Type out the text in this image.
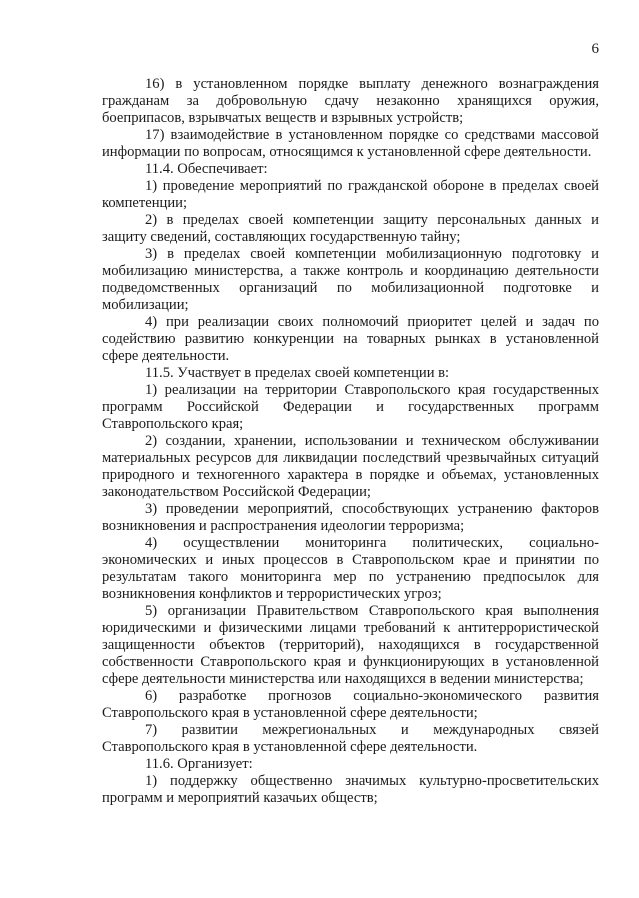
6

16) в установленном порядке выплату денежного вознаграждения гражданам за добровольную сдачу незаконно хранящихся оружия, боеприпасов, взрывчатых веществ и взрывных устройств;

17) взаимодействие в установленном порядке со средствами массовой информации по вопросам, относящимся к установленной сфере деятельности.

11.4. Обеспечивает:

1) проведение мероприятий по гражданской обороне в пределах своей компетенции;

2) в пределах своей компетенции защиту персональных данных и защиту сведений, составляющих государственную тайну;

3) в пределах своей компетенции мобилизационную подготовку и мобилизацию министерства, а также контроль и координацию деятельности подведомственных организаций по мобилизационной подготовке и мобилизации;

4) при реализации своих полномочий приоритет целей и задач по содействию развитию конкуренции на товарных рынках в установленной сфере деятельности.

11.5. Участвует в пределах своей компетенции в:

1) реализации на территории Ставропольского края государственных программ Российской Федерации и государственных программ Ставропольского края;

2) создании, хранении, использовании и техническом обслуживании материальных ресурсов для ликвидации последствий чрезвычайных ситуаций природного и техногенного характера в порядке и объемах, установленных законодательством Российской Федерации;

3) проведении мероприятий, способствующих устранению факторов возникновения и распространения идеологии терроризма;

4) осуществлении мониторинга политических, социально-экономических и иных процессов в Ставропольском крае и принятии по результатам такого мониторинга мер по устранению предпосылок для возникновения конфликтов и террористических угроз;

5) организации Правительством Ставропольского края выполнения юридическими и физическими лицами требований к антитеррористической защищенности объектов (территорий), находящихся в государственной собственности Ставропольского края и функционирующих в установленной сфере деятельности министерства или находящихся в ведении министерства;

6) разработке прогнозов социально-экономического развития Ставропольского края в установленной сфере деятельности;

7) развитии межрегиональных и международных связей Ставропольского края в установленной сфере деятельности.

11.6. Организует:

1) поддержку общественно значимых культурно-просветительских программ и мероприятий казачьих обществ;
